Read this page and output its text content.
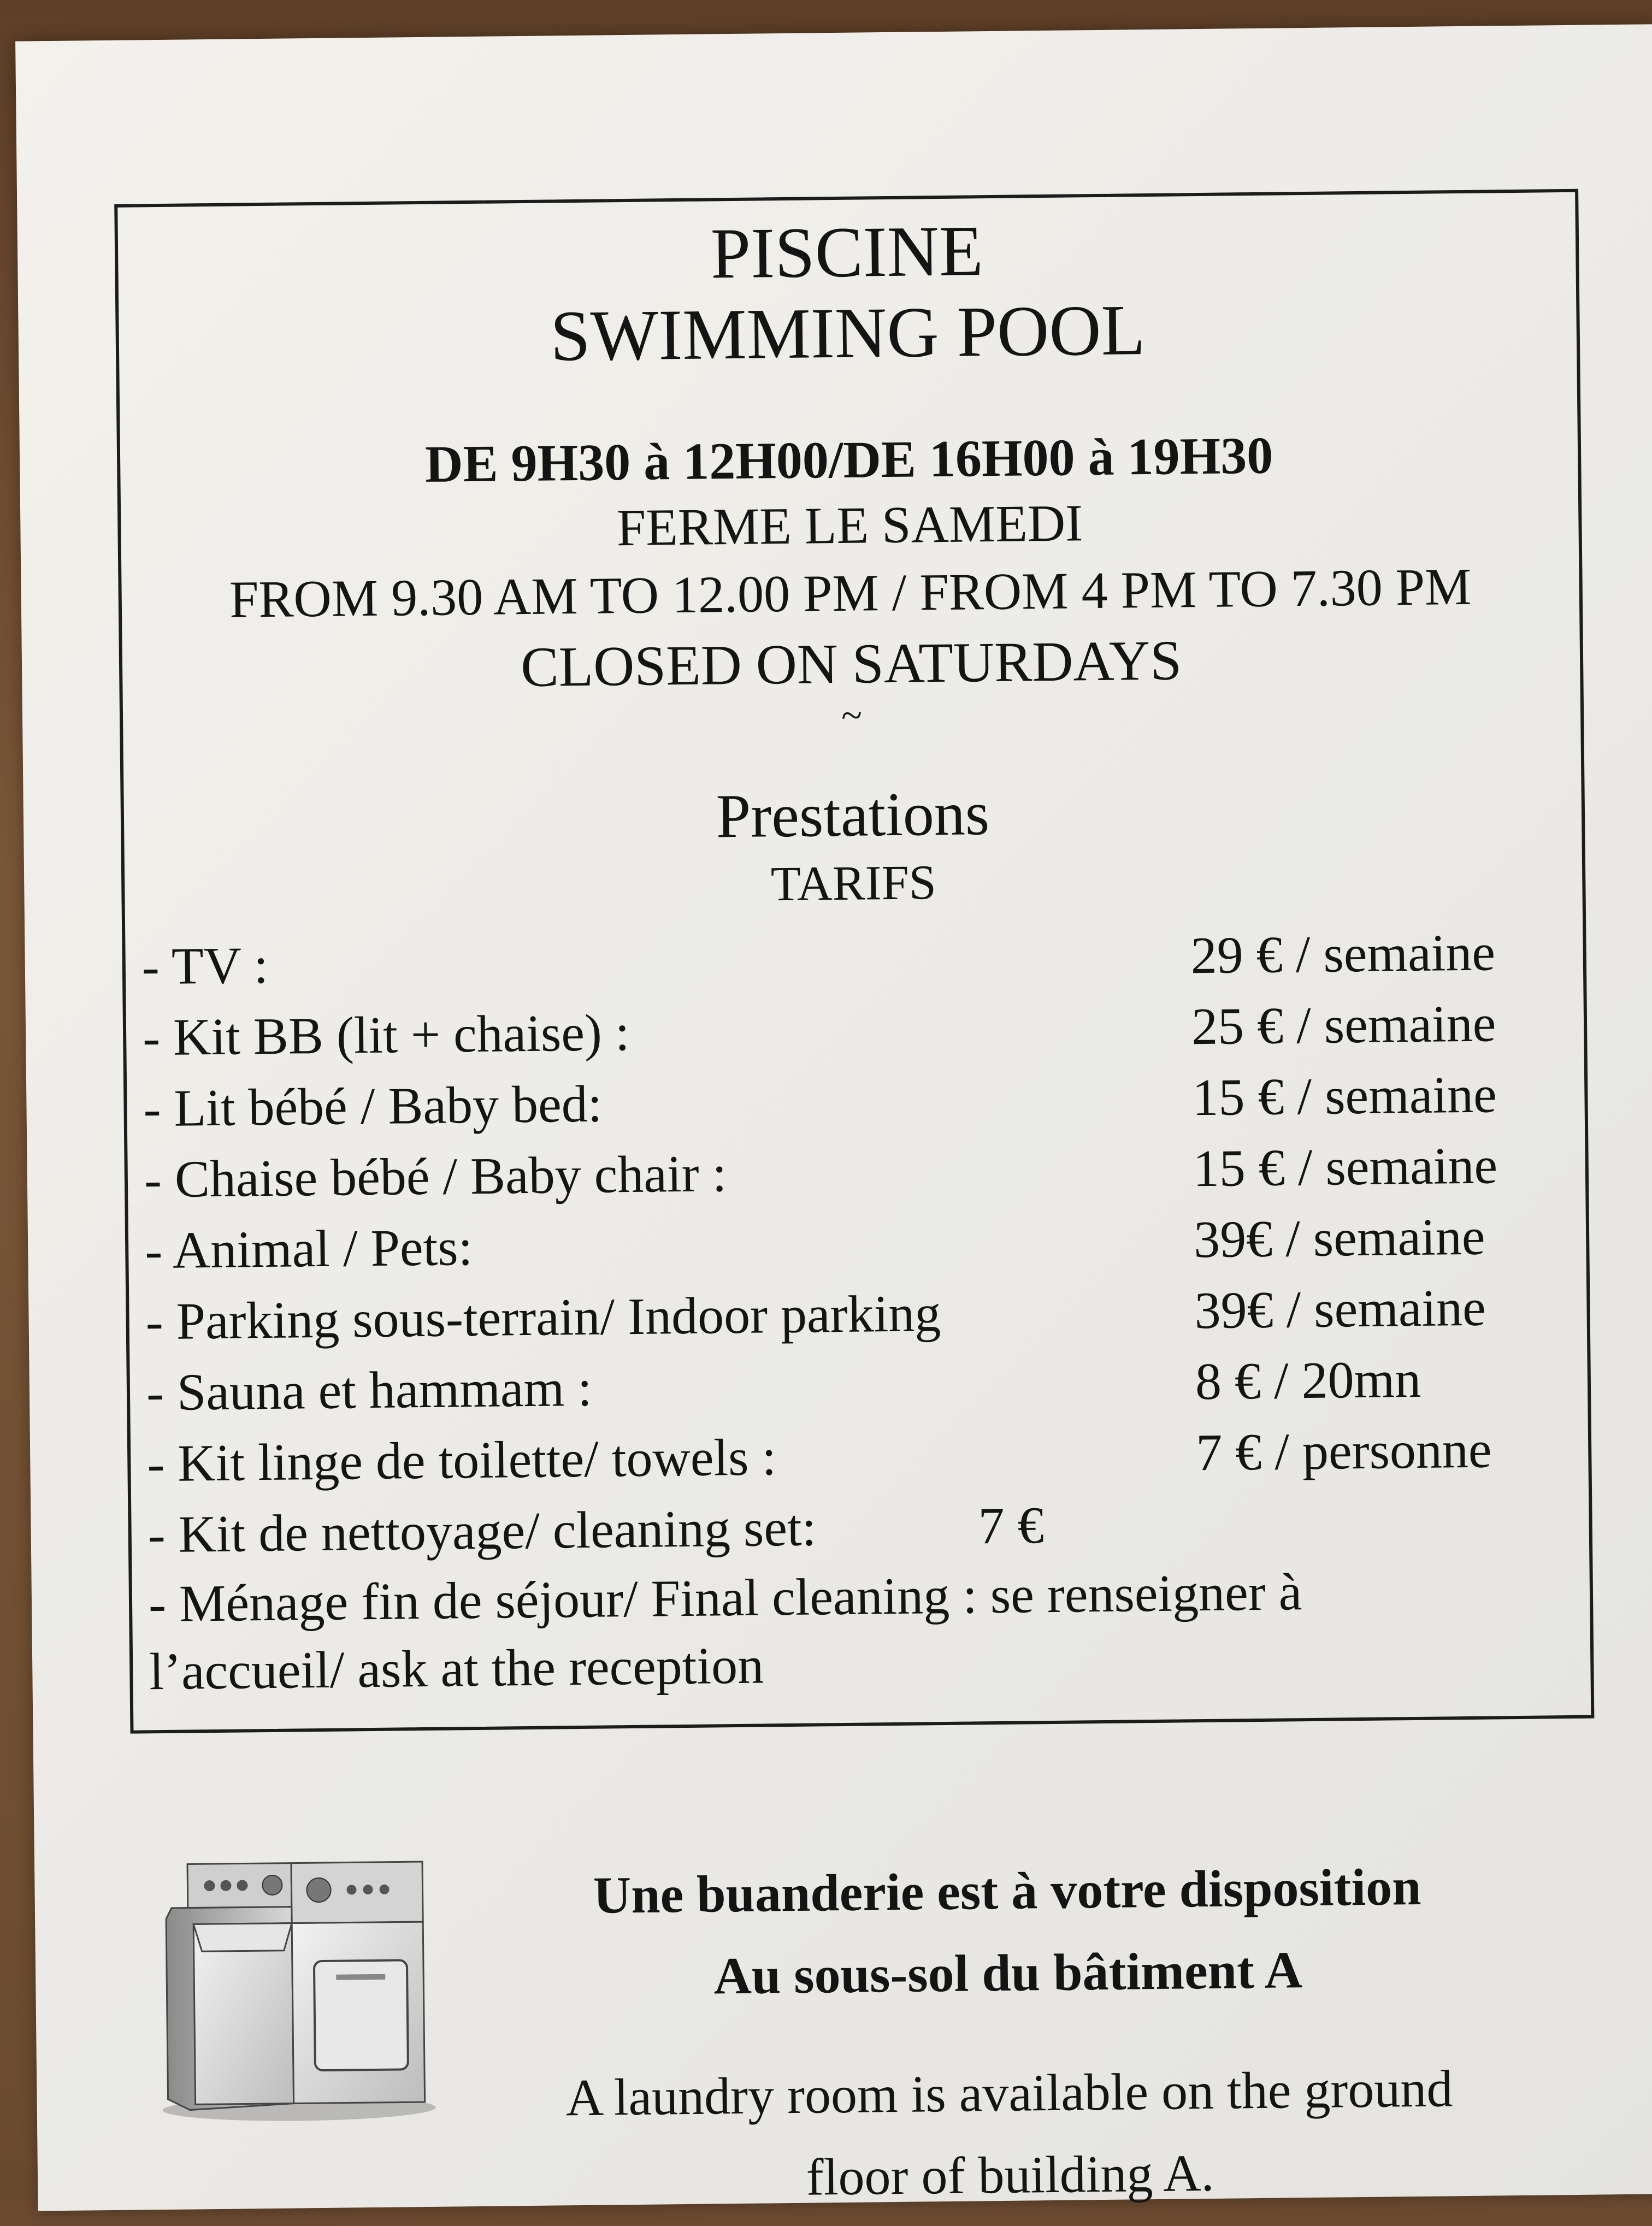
PISCINE
SWIMMING POOL
DE 9H30 à 12H00/DE 16H00 à 19H30
FERME LE SAMEDI
FROM 9.30 AM TO 12.00 PM / FROM 4 PM TO 7.30 PM
CLOSED ON SATURDAYS
~
Prestations
TARIFS
- TV :	29 € / semaine
- Kit BB (lit + chaise) :	25 € / semaine
- Lit bébé / Baby bed:	15 € / semaine
- Chaise bébé / Baby chair :	15 € / semaine
- Animal / Pets:	39€ / semaine
- Parking sous-terrain/ Indoor parking	39€ / semaine
- Sauna et hammam :	8 € / 20mn
- Kit linge de toilette/ towels :	7 € / personne
- Kit de nettoyage/ cleaning set:	7 €
- Ménage fin de séjour/ Final cleaning : se renseigner à
l’accueil/ ask at the reception
Une buanderie est à votre disposition
Au sous-sol du bâtiment A
A laundry room is available on the ground
floor of building A.
